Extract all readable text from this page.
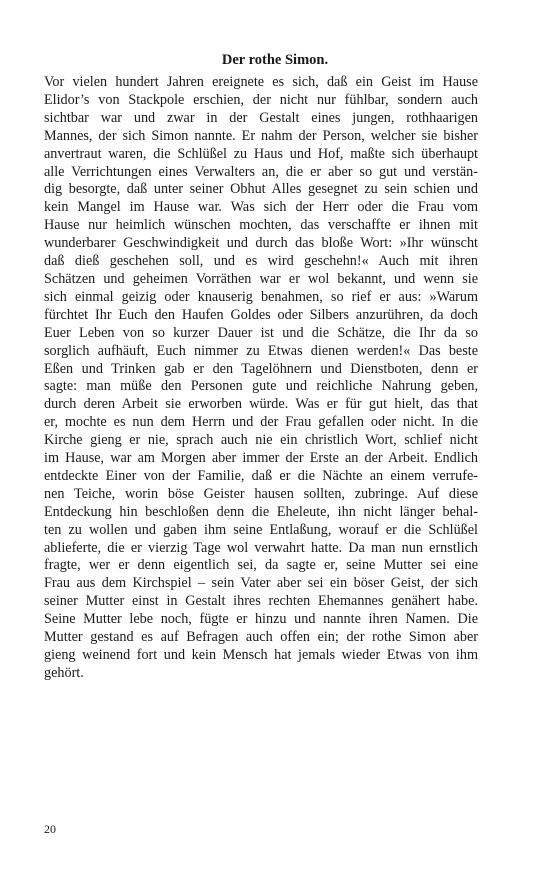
Der rothe Simon.
Vor vielen hundert Jahren ereignete es sich, daß ein Geist im Hause
Elidor’s von Stackpole erschien, der nicht nur fühlbar, sondern auch
sichtbar war und zwar in der Gestalt eines jungen, rothhaarigen
Mannes, der sich Simon nannte. Er nahm der Person, welcher sie bisher
anvertraut waren, die Schlüßel zu Haus und Hof, maßte sich überhaupt
alle Verrichtungen eines Verwalters an, die er aber so gut und verstän-
dig besorgte, daß unter seiner Obhut Alles gesegnet zu sein schien und
kein Mangel im Hause war. Was sich der Herr oder die Frau vom
Hause nur heimlich wünschen mochten, das verschaffte er ihnen mit
wunderbarer Geschwindigkeit und durch das bloße Wort: »Ihr wünscht
daß dieß geschehen soll, und es wird geschehn!« Auch mit ihren
Schätzen und geheimen Vorräthen war er wol bekannt, und wenn sie
sich einmal geizig oder knauserig benahmen, so rief er aus: »Warum
fürchtet Ihr Euch den Haufen Goldes oder Silbers anzurühren, da doch
Euer Leben von so kurzer Dauer ist und die Schätze, die Ihr da so
sorglich aufhäuft, Euch nimmer zu Etwas dienen werden!« Das beste
Eßen und Trinken gab er den Tagelöhnern und Dienstboten, denn er
sagte: man müße den Personen gute und reichliche Nahrung geben,
durch deren Arbeit sie erworben würde. Was er für gut hielt, das that
er, mochte es nun dem Herrn und der Frau gefallen oder nicht. In die
Kirche gieng er nie, sprach auch nie ein christlich Wort, schlief nicht
im Hause, war am Morgen aber immer der Erste an der Arbeit. Endlich
entdeckte Einer von der Familie, daß er die Nächte an einem verrufe-
nen Teiche, worin böse Geister hausen sollten, zubringe. Auf diese
Entdeckung hin beschloßen denn die Eheleute, ihn nicht länger behal-
ten zu wollen und gaben ihm seine Entlaßung, worauf er die Schlüßel
ablieferte, die er vierzig Tage wol verwahrt hatte. Da man nun ernstlich
fragte, wer er denn eigentlich sei, da sagte er, seine Mutter sei eine
Frau aus dem Kirchspiel – sein Vater aber sei ein böser Geist, der sich
seiner Mutter einst in Gestalt ihres rechten Ehemannes genähert habe.
Seine Mutter lebe noch, fügte er hinzu und nannte ihren Namen. Die
Mutter gestand es auf Befragen auch offen ein; der rothe Simon aber
gieng weinend fort und kein Mensch hat jemals wieder Etwas von ihm
gehört.
20
